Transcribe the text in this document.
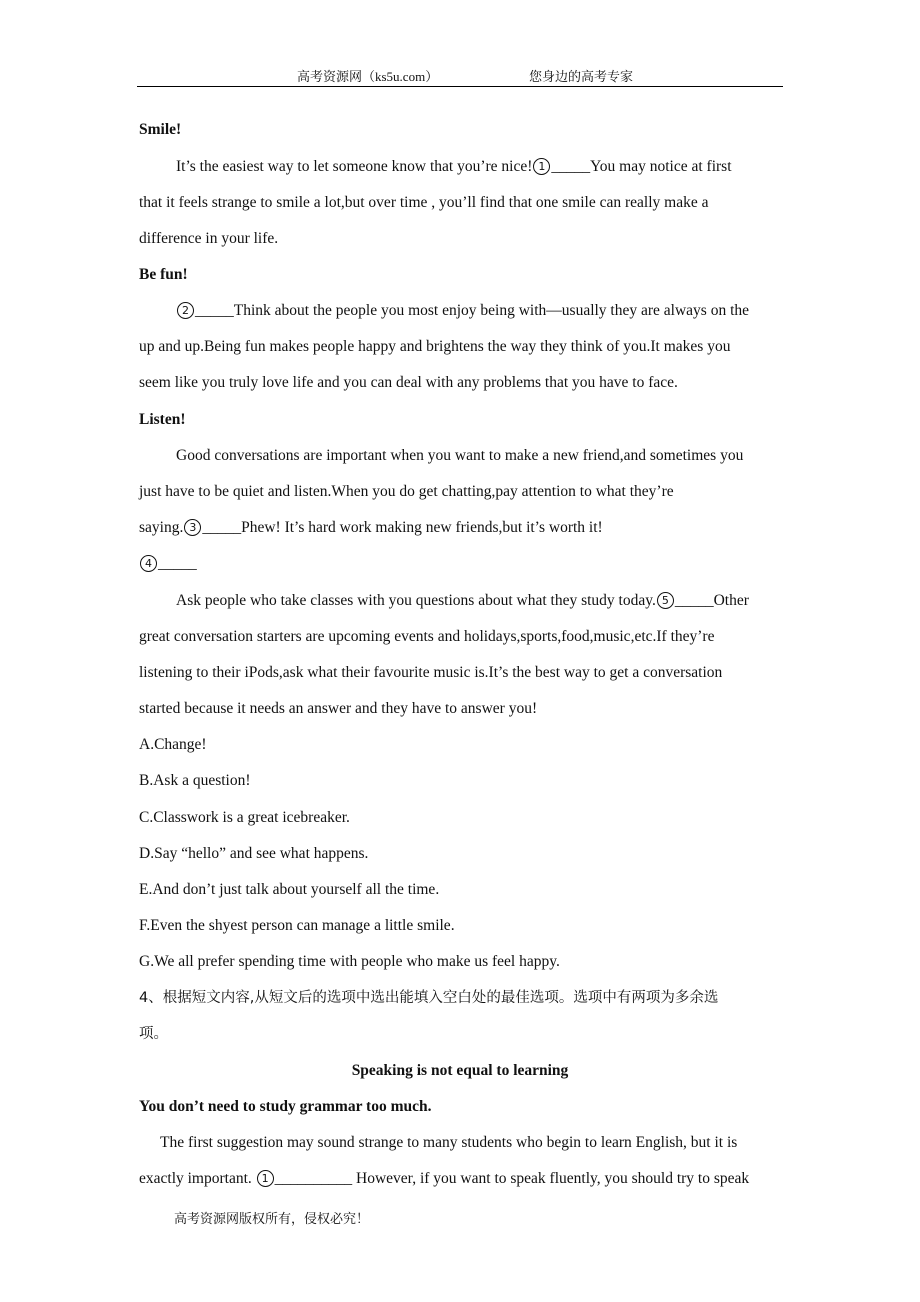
高考资源网（ks5u.com）	您身边的高考专家
Smile!
It’s the easiest way to let someone know that you’re nice! 1 _____You may notice at first
that it feels strange to smile a lot,but over time , you’ll find that one smile can really make a
difference in your life.
Be fun!
2 _____Think about the people you most enjoy being with—usually they are always on the
up and up.Being fun makes people happy and brightens the way they think of you.It makes you
seem like you truly love life and you can deal with any problems that you have to face.
Listen!
Good conversations are important when you want to make a new friend,and sometimes you
just have to be quiet and listen.When you do get chatting,pay attention to what they’re
saying. 3 _____Phew! It’s hard work making new friends,but it’s worth it!
4 _____
Ask people who take classes with you questions about what they study today. 5 _____Other
great conversation starters are upcoming events and holidays,sports,food,music,etc.If they’re
listening to their iPods,ask what their favourite music is.It’s the best way to get a conversation
started because it needs an answer and they have to answer you!
A.Change!
B.Ask a question!
C.Classwork is a great icebreaker.
D.Say “hello” and see what happens.
E.And don’t just talk about yourself all the time.
F.Even the shyest person can manage a little smile.
G.We all prefer spending time with people who make us feel happy.
4、根据短文内容,从短文后的选项中选出能填入空白处的最佳选项。选项中有两项为多余选
项。
Speaking is not equal to learning
You don’t need to study grammar too much.
The first suggestion may sound strange to many students who begin to learn English, but it is
exactly important. 1 __________ However, if you want to speak fluently, you should try to speak
高考资源网版权所有，侵权必究！
